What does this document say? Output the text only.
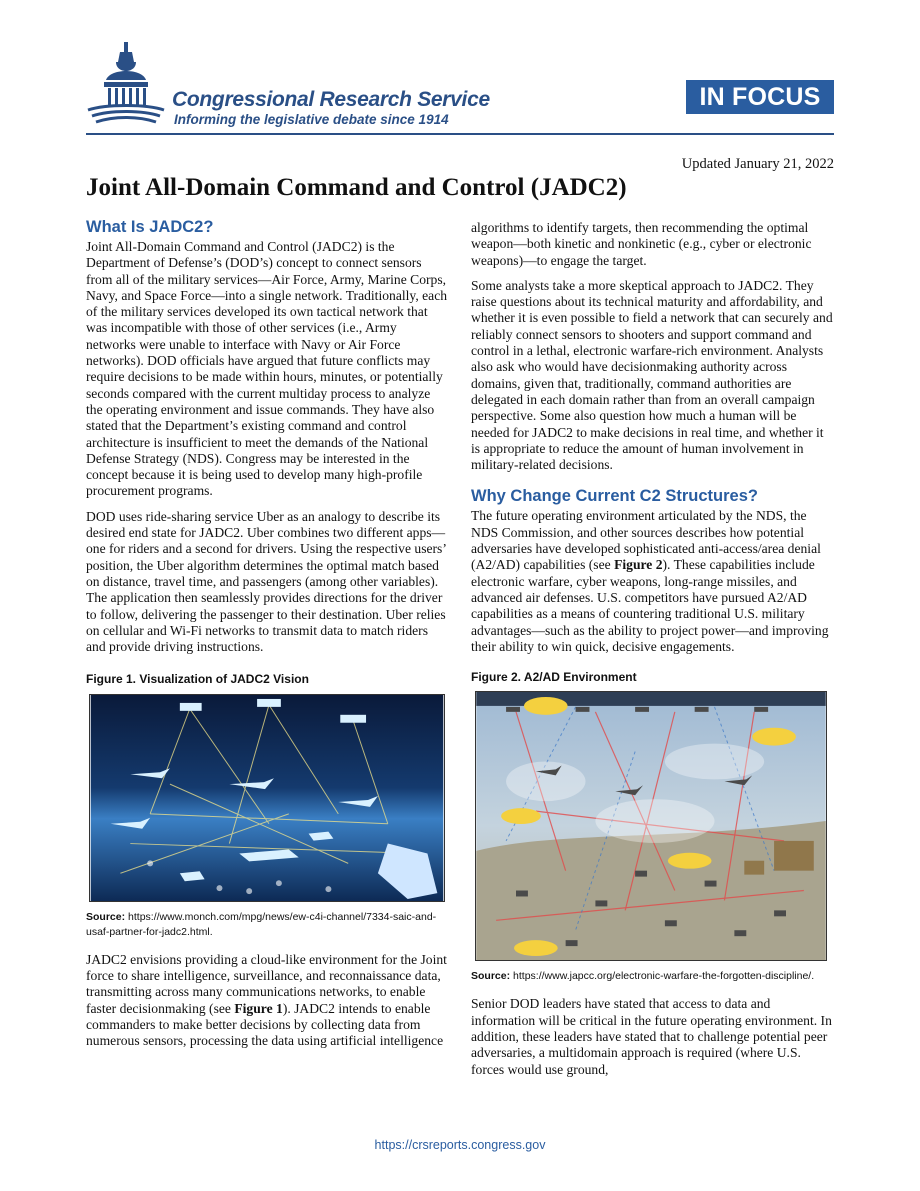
Congressional Research Service
Informing the legislative debate since 1914
IN FOCUS
Updated January 21, 2022
Joint All-Domain Command and Control (JADC2)
What Is JADC2?

Joint All-Domain Command and Control (JADC2) is the Department of Defense’s (DOD’s) concept to connect sensors from all of the military services—Air Force, Army, Marine Corps, Navy, and Space Force—into a single network. Traditionally, each of the military services developed its own tactical network that was incompatible with those of other services (i.e., Army networks were unable to interface with Navy or Air Force networks). DOD officials have argued that future conflicts may require decisions to be made within hours, minutes, or potentially seconds compared with the current multiday process to analyze the operating environment and issue commands. They have also stated that the Department’s existing command and control architecture is insufficient to meet the demands of the National Defense Strategy (NDS). Congress may be interested in the concept because it is being used to develop many high-profile procurement programs.

DOD uses ride-sharing service Uber as an analogy to describe its desired end state for JADC2. Uber combines two different apps—one for riders and a second for drivers. Using the respective users’ position, the Uber algorithm determines the optimal match based on distance, travel time, and passengers (among other variables). The application then seamlessly provides directions for the driver to follow, delivering the passenger to their destination. Uber relies on cellular and Wi-Fi networks to transmit data to match riders and provide driving instructions.

Figure 1. Visualization of JADC2 Vision
Source: https://www.monch.com/mpg/news/ew-c4i-channel/7334-saic-and-usaf-partner-for-jadc2.html.

JADC2 envisions providing a cloud-like environment for the Joint force to share intelligence, surveillance, and reconnaissance data, transmitting across many communications networks, to enable faster decisionmaking (see Figure 1). JADC2 intends to enable commanders to make better decisions by collecting data from numerous sensors, processing the data using artificial intelligence

algorithms to identify targets, then recommending the optimal weapon—both kinetic and nonkinetic (e.g., cyber or electronic weapons)—to engage the target.

Some analysts take a more skeptical approach to JADC2. They raise questions about its technical maturity and affordability, and whether it is even possible to field a network that can securely and reliably connect sensors to shooters and support command and control in a lethal, electronic warfare-rich environment. Analysts also ask who would have decisionmaking authority across domains, given that, traditionally, command authorities are delegated in each domain rather than from an overall campaign perspective. Some also question how much a human will be needed for JADC2 to make decisions in real time, and whether it is appropriate to reduce the amount of human involvement in military-related decisions.

Why Change Current C2 Structures?

The future operating environment articulated by the NDS, the NDS Commission, and other sources describes how potential adversaries have developed sophisticated anti-access/area denial (A2/AD) capabilities (see Figure 2). These capabilities include electronic warfare, cyber weapons, long-range missiles, and advanced air defenses. U.S. competitors have pursued A2/AD capabilities as a means of countering traditional U.S. military advantages—such as the ability to project power—and improving their ability to win quick, decisive engagements.

Figure 2. A2/AD Environment
Source: https://www.japcc.org/electronic-warfare-the-forgotten-discipline/.

Senior DOD leaders have stated that access to data and information will be critical in the future operating environment. In addition, these leaders have stated that to challenge potential peer adversaries, a multidomain approach is required (where U.S. forces would use ground,

https://crsreports.congress.gov
